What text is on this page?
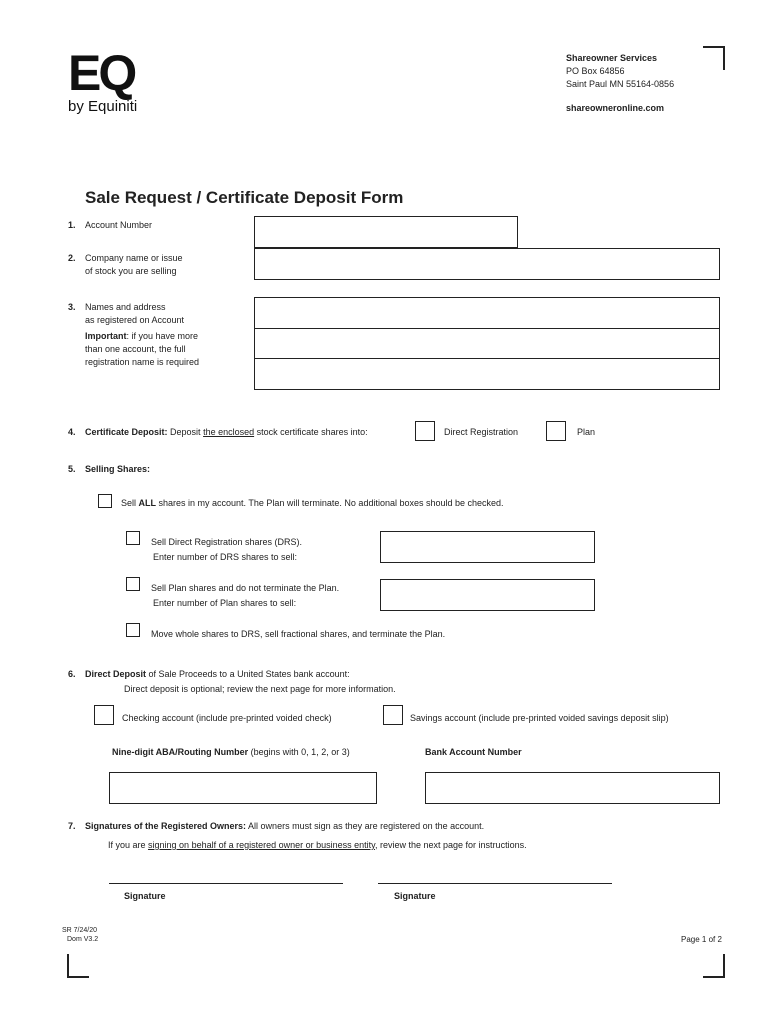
EQ
by Equiniti
Shareowner Services
PO Box 64856
Saint Paul MN 55164-0856
shareowneronline.com
Sale Request / Certificate Deposit Form
1. Account Number
2. Company name or issue
of stock you are selling
3. Names and address
as registered on Account
Important: if you have more
than one account, the full
registration name is required
4. Certificate Deposit: Deposit the enclosed stock certificate shares into:	Direct Registration	Plan
5. Selling Shares:
Sell ALL shares in my account. The Plan will terminate. No additional boxes should be checked.
Sell Direct Registration shares (DRS).
Enter number of DRS shares to sell:
Sell Plan shares and do not terminate the Plan.
Enter number of Plan shares to sell:
Move whole shares to DRS, sell fractional shares, and terminate the Plan.
6. Direct Deposit of Sale Proceeds to a United States bank account:
Direct deposit is optional; review the next page for more information.
Checking account (include pre-printed voided check)	Savings account (include pre-printed voided savings deposit slip)
Nine-digit ABA/Routing Number (begins with 0, 1, 2, or 3)	Bank Account Number
7. Signatures of the Registered Owners: All owners must sign as they are registered on the account.
If you are signing on behalf of a registered owner or business entity, review the next page for instructions.
Signature	Signature
SR 7/24/20
Dom V3.2	Page 1 of 2
